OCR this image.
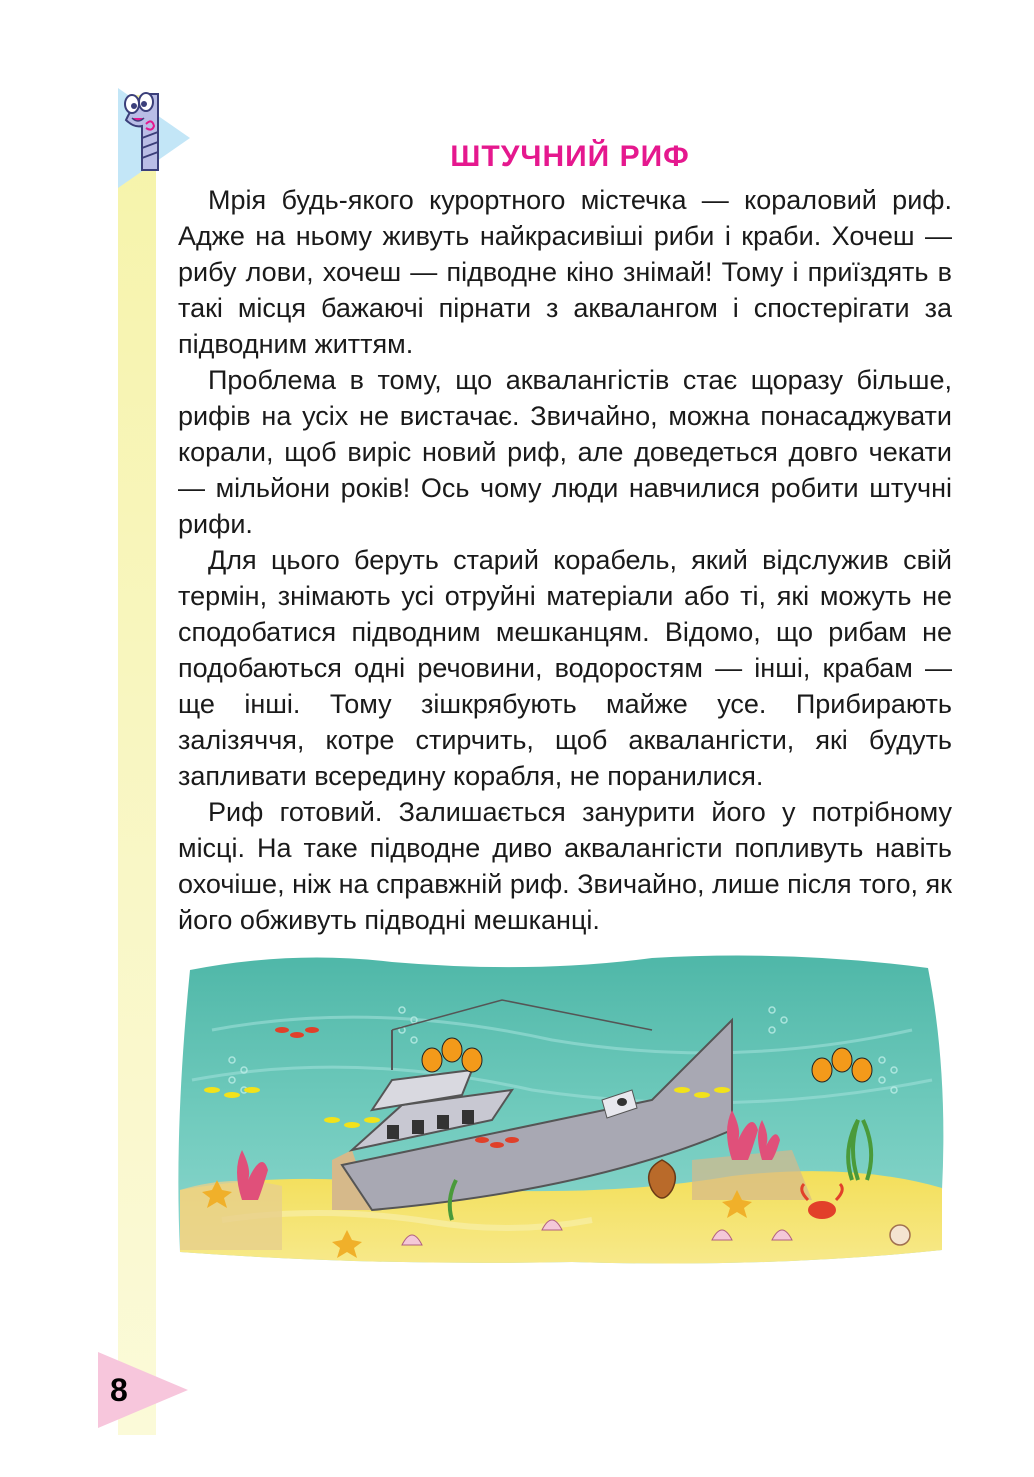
ШТУЧНИЙ РИФ

Мрія будь-якого курортного містечка — кораловий риф. Адже на ньому живуть найкрасивіші риби і краби. Хочеш — рибу лови, хочеш — підводне кіно знімай! Тому і приїздять в такі місця бажаючі пірнати з аквалангом і спостерігати за підводним життям.

Проблема в тому, що аквалангістів стає щоразу більше, рифів на усіх не вистачає. Звичайно, можна понасаджувати корали, щоб виріс новий риф, але доведеться довго чекати — мільйони років! Ось чому люди навчилися робити штучні рифи.

Для цього беруть старий корабель, який відслужив свій термін, знімають усі отруйні матеріали або ті, які можуть не сподобатися підводним мешканцям. Відомо, що рибам не подобаються одні речовини, водоростям — інші, крабам — ще інші. Тому зішкрябують майже усе. Прибирають залізяччя, котре стирчить, щоб аквалангісти, які будуть запливати всередину корабля, не поранилися.

Риф готовий. Залишається занурити його у потрібному місці. На таке підводне диво аквалангісти попливуть навіть охочіше, ніж на справжній риф. Звичайно, лише після того, як його обживуть підводні мешканці.

8
